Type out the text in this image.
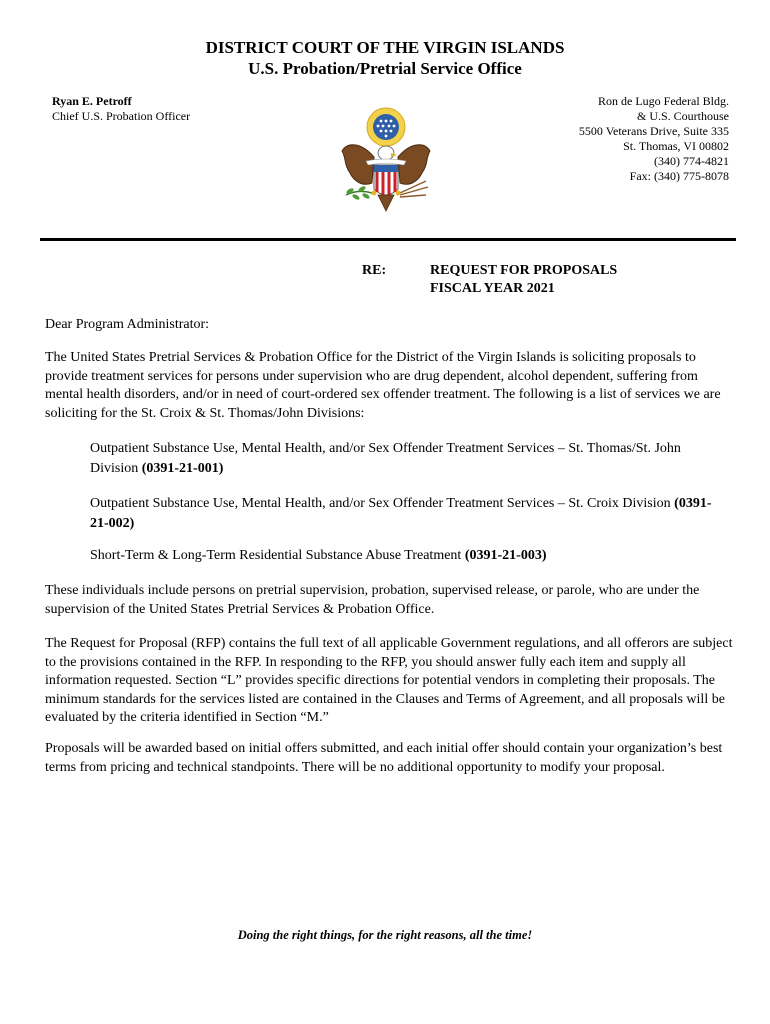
DISTRICT COURT OF THE VIRGIN ISLANDS
U.S. Probation/Pretrial Service Office
Ryan E. Petroff
Chief U.S. Probation Officer
Ron de Lugo Federal Bldg.
& U.S. Courthouse
5500 Veterans Drive, Suite 335
St. Thomas, VI 00802
(340) 774-4821
Fax: (340) 775-8078
RE:	REQUEST FOR PROPOSALS
FISCAL YEAR 2021

Dear Program Administrator:

The United States Pretrial Services & Probation Office for the District of the Virgin Islands is soliciting proposals to provide treatment services for persons under supervision who are drug dependent, alcohol dependent, suffering from mental health disorders, and/or in need of court-ordered sex offender treatment. The following is a list of services we are soliciting for the St. Croix & St. Thomas/John Divisions:

Outpatient Substance Use, Mental Health, and/or Sex Offender Treatment Services – St. Thomas/St. John Division (0391-21-001)

Outpatient Substance Use, Mental Health, and/or Sex Offender Treatment Services – St. Croix Division (0391-21-002)

Short-Term & Long-Term Residential Substance Abuse Treatment (0391-21-003)

These individuals include persons on pretrial supervision, probation, supervised release, or parole, who are under the supervision of the United States Pretrial Services & Probation Office.

The Request for Proposal (RFP) contains the full text of all applicable Government regulations, and all offerors are subject to the provisions contained in the RFP. In responding to the RFP, you should answer fully each item and supply all information requested. Section “L” provides specific directions for potential vendors in completing their proposals. The minimum standards for the services listed are contained in the Clauses and Terms of Agreement, and all proposals will be evaluated by the criteria identified in Section “M.”

Proposals will be awarded based on initial offers submitted, and each initial offer should contain your organization’s best terms from pricing and technical standpoints. There will be no additional opportunity to modify your proposal.

Doing the right things, for the right reasons, all the time!
